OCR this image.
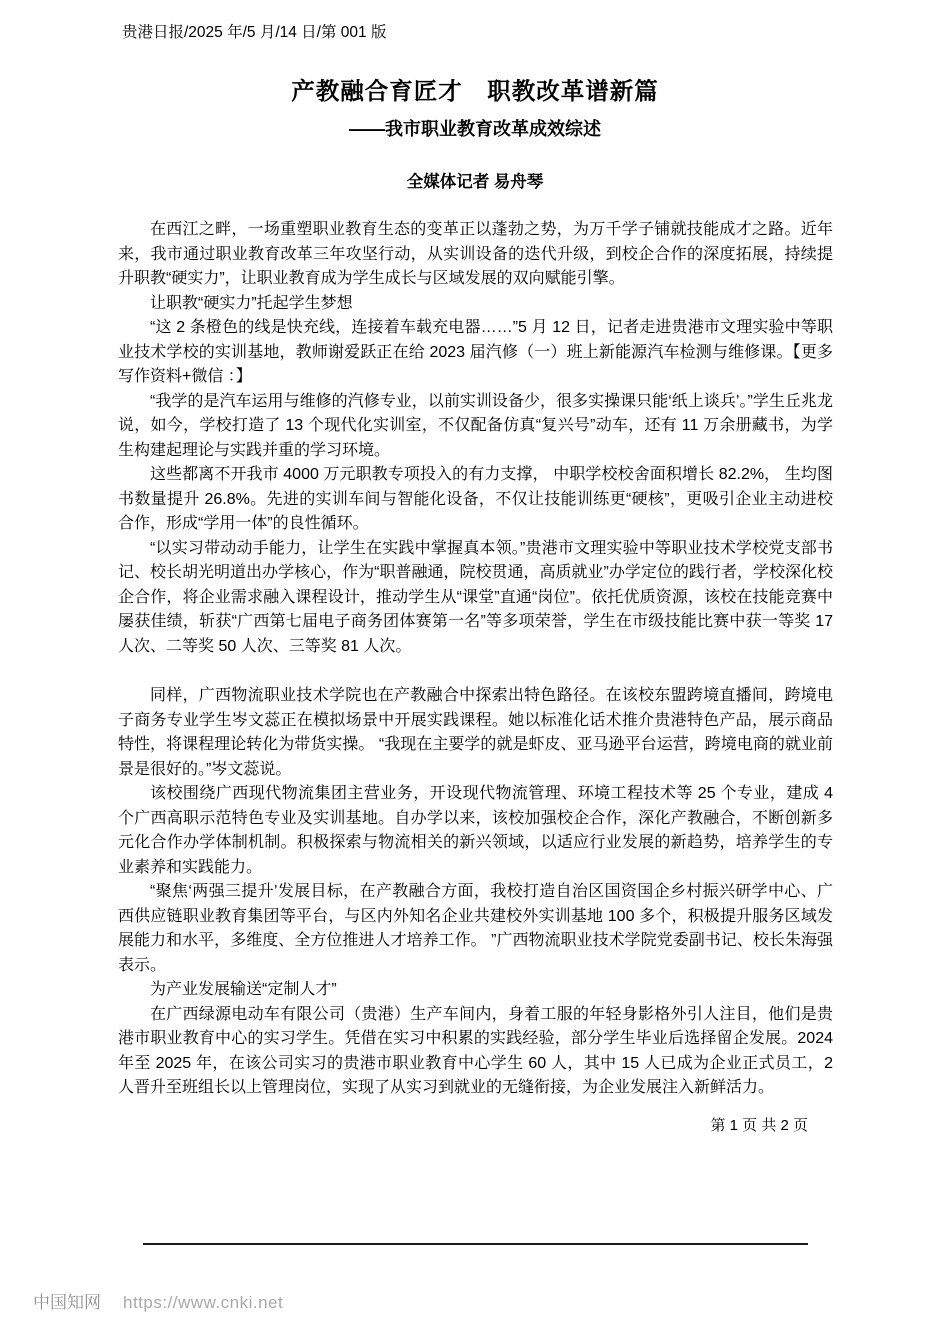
贵港日报/2025 年/5 月/14 日/第 001 版
产教融合育匠才　职教改革谱新篇
——我市职业教育改革成效综述
全媒体记者 易舟琴

在西江之畔，一场重塑职业教育生态的变革正以蓬勃之势，为万千学子铺就技能成才之路。近年来，我市通过职业教育改革三年攻坚行动，从实训设备的迭代升级，到校企合作的深度拓展，持续提升职教“硬实力”，让职业教育成为学生成长与区域发展的双向赋能引擎。

让职教“硬实力”托起学生梦想

“这 2 条橙色的线是快充线，连接着车载充电器……”5 月 12 日，记者走进贵港市文理实验中等职业技术学校的实训基地，教师谢爱跃正在给 2023 届汽修（一）班上新能源汽车检测与维修课。【更多写作资料+微信 ：】

“我学的是汽车运用与维修的汽修专业，以前实训设备少，很多实操课只能‘纸上谈兵’。”学生丘兆龙说，如今，学校打造了 13 个现代化实训室，不仅配备仿真“复兴号”动车，还有 11 万余册藏书，为学生构建起理论与实践并重的学习环境。

这些都离不开我市 4000 万元职教专项投入的有力支撑， 中职学校校舍面积增长 82.2%， 生均图书数量提升 26.8%。先进的实训车间与智能化设备，不仅让技能训练更“硬核”，更吸引企业主动进校合作，形成“学用一体”的良性循环。

“以实习带动动手能力，让学生在实践中掌握真本领。”贵港市文理实验中等职业技术学校党支部书记、校长胡光明道出办学核心，作为“职普融通，院校贯通，高质就业”办学定位的践行者，学校深化校企合作，将企业需求融入课程设计，推动学生从“课堂”直通“岗位”。依托优质资源，该校在技能竞赛中屡获佳绩，斩获“广西第七届电子商务团体赛第一名”等多项荣誉，学生在市级技能比赛中获一等奖 17 人次、二等奖 50 人次、三等奖 81 人次。

同样，广西物流职业技术学院也在产教融合中探索出特色路径。在该校东盟跨境直播间，跨境电子商务专业学生岑文蕊正在模拟场景中开展实践课程。她以标准化话术推介贵港特色产品，展示商品特性，将课程理论转化为带货实操。 “我现在主要学的就是虾皮、亚马逊平台运营，跨境电商的就业前景是很好的。”岑文蕊说。

该校围绕广西现代物流集团主营业务，开设现代物流管理、环境工程技术等 25 个专业，建成 4 个广西高职示范特色专业及实训基地。自办学以来，该校加强校企合作，深化产教融合，不断创新多元化合作办学体制机制。积极探索与物流相关的新兴领域，以适应行业发展的新趋势，培养学生的专业素养和实践能力。

“聚焦‘两强三提升’发展目标，在产教融合方面，我校打造自治区国资国企乡村振兴研学中心、广西供应链职业教育集团等平台，与区内外知名企业共建校外实训基地 100 多个，积极提升服务区域发展能力和水平，多维度、全方位推进人才培养工作。 ”广西物流职业技术学院党委副书记、校长朱海强表示。

为产业发展输送“定制人才”

在广西绿源电动车有限公司（贵港）生产车间内，身着工服的年轻身影格外引人注目，他们是贵港市职业教育中心的实习学生。凭借在实习中积累的实践经验，部分学生毕业后选择留企发展。2024 年至 2025 年，在该公司实习的贵港市职业教育中心学生 60 人，其中 15 人已成为企业正式员工，2 人晋升至班组长以上管理岗位，实现了从实习到就业的无缝衔接，为企业发展注入新鲜活力。

第 1 页 共 2 页
中国知网 https://www.cnki.net
